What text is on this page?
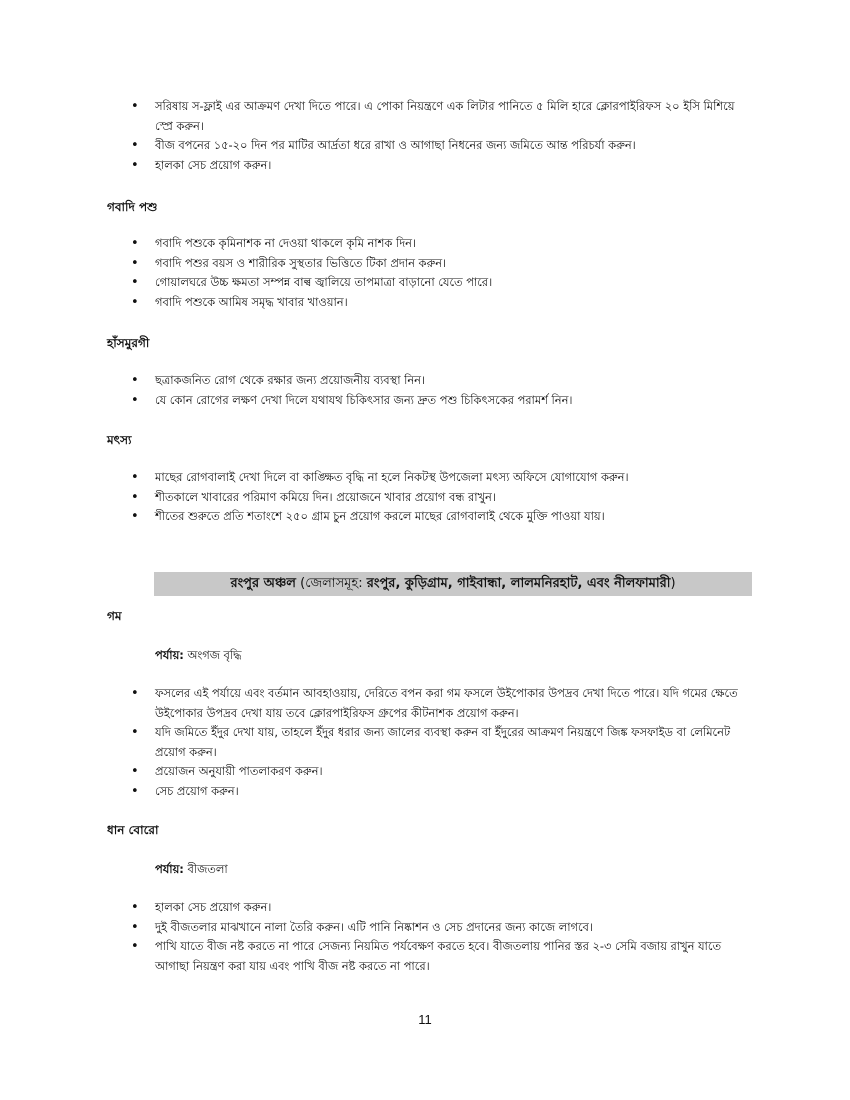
• সরিষায় স-ফ্লাই এর আক্রমণ দেখা দিতে পারে। এ পোকা নিয়ন্ত্রণে এক লিটার পানিতে ৫ মিলি হারে ক্লোরপাইরিফস ২০ ইসি মিশিয়ে স্প্রে করুন।
• বীজ বপনের ১৫-২০ দিন পর মাটির আর্দ্রতা ধরে রাখা ও আগাছা নিধনের জন্য জমিতে আন্ত পরিচর্যা করুন।
• হালকা সেচ প্রয়োগ করুন।
গবাদি পশু
• গবাদি পশুকে কৃমিনাশক না দেওয়া থাকলে কৃমি নাশক দিন।
• গবাদি পশুর বয়স ও শারীরিক সুস্থতার ভিত্তিতে টিকা প্রদান করুন।
• গোয়ালঘরে উচ্চ ক্ষমতা সম্পন্ন বাল্ব জ্বালিয়ে তাপমাত্রা বাড়ানো যেতে পারে।
• গবাদি পশুকে আমিষ সমৃদ্ধ খাবার খাওয়ান।
হাঁসমুরগী
• ছত্রাকজনিত রোগ থেকে রক্ষার জন্য প্রয়োজনীয় ব্যবস্থা নিন।
• যে কোন রোগের লক্ষণ দেখা দিলে যথাযথ চিকিৎসার জন্য দ্রুত পশু চিকিৎসকের পরামর্শ নিন।
মৎস্য
• মাছের রোগবালাই দেখা দিলে বা কাঙ্ক্ষিত বৃদ্ধি না হলে নিকটস্থ উপজেলা মৎস্য অফিসে যোগাযোগ করুন।
• শীতকালে খাবারের পরিমাণ কমিয়ে দিন। প্রয়োজনে খাবার প্রয়োগ বন্ধ রাখুন।
• শীতের শুরুতে প্রতি শতাংশে ২৫০ গ্রাম চুন প্রয়োগ করলে মাছের রোগবালাই থেকে মুক্তি পাওয়া যায়।
রংপুর অঞ্চল (জেলাসমূহ: রংপুর, কুড়িগ্রাম, গাইবান্ধা, লালমনিরহাট, এবং নীলফামারী)
গম
পর্যায়: অংগজ বৃদ্ধি
• ফসলের এই পর্যায়ে এবং বর্তমান আবহাওয়ায়, দেরিতে বপন করা গম ফসলে উইপোকার উপদ্রব দেখা দিতে পারে। যদি গমের ক্ষেতে উইপোকার উপদ্রব দেখা যায় তবে ক্লোরপাইরিফস গ্রুপের কীটনাশক প্রয়োগ করুন।
• যদি জমিতে ইঁদুর দেখা যায়, তাহলে ইঁদুর ধরার জন্য জালের ব্যবস্থা করুন বা ইঁদুরের আক্রমণ নিয়ন্ত্রণে জিঙ্ক ফসফাইড বা লেমিনেট প্রয়োগ করুন।
• প্রয়োজন অনুযায়ী পাতলাকরণ করুন।
• সেচ প্রয়োগ করুন।
ধান বোরো
পর্যায়: বীজতলা
• হালকা সেচ প্রয়োগ করুন।
• দুই বীজতলার মাঝখানে নালা তৈরি করুন। এটি পানি নিষ্কাশন ও সেচ প্রদানের জন্য কাজে লাগবে।
• পাখি যাতে বীজ নষ্ট করতে না পারে সেজন্য নিয়মিত পর্যবেক্ষণ করতে হবে। বীজতলায় পানির স্তর ২-৩ সেমি বজায় রাখুন যাতে আগাছা নিয়ন্ত্রণ করা যায় এবং পাখি বীজ নষ্ট করতে না পারে।
11
